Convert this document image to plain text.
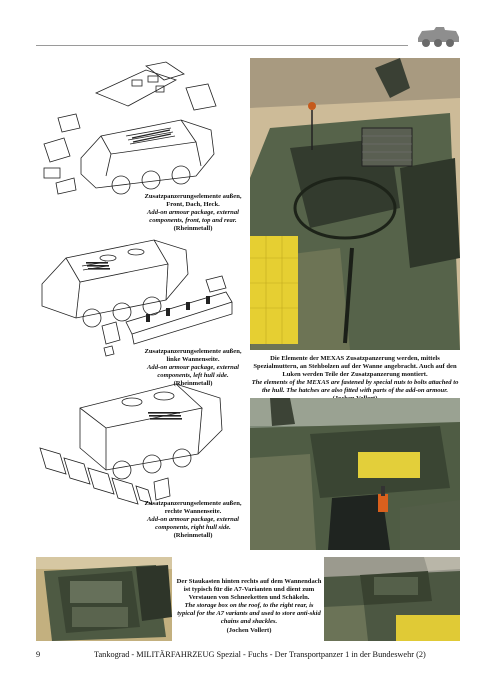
Zusatzpanzerungselemente außen, Front, Dach, Heck.
Add-on armour package, external components, front, top and rear.
(Rheinmetall)
Zusatzpanzerungselemente außen, linke Wannenseite.
Add-on armour package, external components, left hull side.
(Rheinmetall)
Zusatzpanzerungselemente außen, rechte Wannenseite.
Add-on armour package, external components, right hull side.
(Rheinmetall)
Die Elemente der MEXAS Zusatzpanzerung werden, mittels Spezialmuttern, an Stehbolzen auf der Wanne angebracht. Auch auf den Luken werden Teile der Zusatzpanzerung montiert.
The elements of the MEXAS are fastened by special nuts to bolts attached to the hull. The hatches are also fitted with parts of the add-on armour.
Der Staukasten hinten rechts auf dem Wannendach ist typisch für die A7-Varianten und dient zum Verstauen von Schneeketten und Schäkeln.
The storage box on the roof, to the right rear, is typical for the A7 variants and used to store anti-skid chains and shackles.
(Jochen Vollert)
9	Tankograd - MILITÄRFAHRZEUG Spezial - Fuchs - Der Transportpanzer 1 in der Bundeswehr (2)
